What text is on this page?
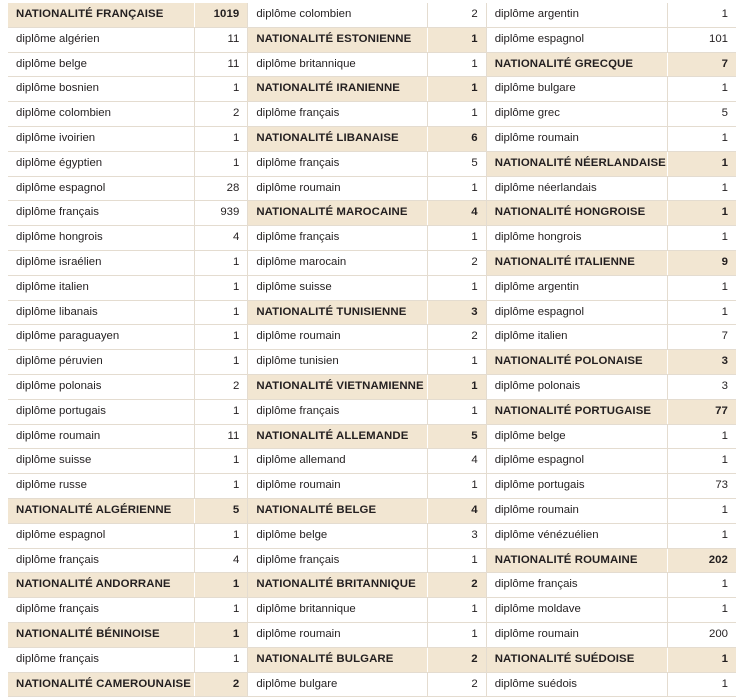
NATIONALITÉ FRANÇAISE	1019
diplôme algérien	11
diplôme belge	11
diplôme bosnien	1
diplôme colombien	2
diplôme ivoirien	1
diplôme égyptien	1
diplôme espagnol	28
diplôme français	939
diplôme hongrois	4
diplôme israélien	1
diplôme italien	1
diplôme libanais	1
diplôme paraguayen	1
diplôme péruvien	1
diplôme polonais	2
diplôme portugais	1
diplôme roumain	11
diplôme suisse	1
diplôme russe	1
NATIONALITÉ ALGÉRIENNE	5
diplôme espagnol	1
diplôme français	4
NATIONALITÉ ANDORRANE	1
diplôme français	1
NATIONALITÉ BÉNINOISE	1
diplôme français	1
NATIONALITÉ CAMEROUNAISE	2
diplôme colombien	2
NATIONALITÉ ESTONIENNE	1
diplôme britannique	1
NATIONALITÉ IRANIENNE	1
diplôme français	1
NATIONALITÉ LIBANAISE	6
diplôme français	5
diplôme roumain	1
NATIONALITÉ MAROCAINE	4
diplôme français	1
diplôme marocain	2
diplôme suisse	1
NATIONALITÉ TUNISIENNE	3
diplôme roumain	2
diplôme tunisien	1
NATIONALITÉ VIETNAMIENNE	1
diplôme français	1
NATIONALITÉ ALLEMANDE	5
diplôme allemand	4
diplôme roumain	1
NATIONALITÉ BELGE	4
diplôme belge	3
diplôme français	1
NATIONALITÉ BRITANNIQUE	2
diplôme britannique	1
diplôme roumain	1
NATIONALITÉ BULGARE	2
diplôme bulgare	2
diplôme argentin	1
diplôme espagnol	101
NATIONALITÉ GRECQUE	7
diplôme bulgare	1
diplôme grec	5
diplôme roumain	1
NATIONALITÉ NÉERLANDAISE	1
diplôme néerlandais	1
NATIONALITÉ HONGROISE	1
diplôme hongrois	1
NATIONALITÉ ITALIENNE	9
diplôme argentin	1
diplôme espagnol	1
diplôme italien	7
NATIONALITÉ POLONAISE	3
diplôme polonais	3
NATIONALITÉ PORTUGAISE	77
diplôme belge	1
diplôme espagnol	1
diplôme portugais	73
diplôme roumain	1
diplôme vénézuélien	1
NATIONALITÉ ROUMAINE	202
diplôme français	1
diplôme moldave	1
diplôme roumain	200
NATIONALITÉ SUÉDOISE	1
diplôme suédois	1
